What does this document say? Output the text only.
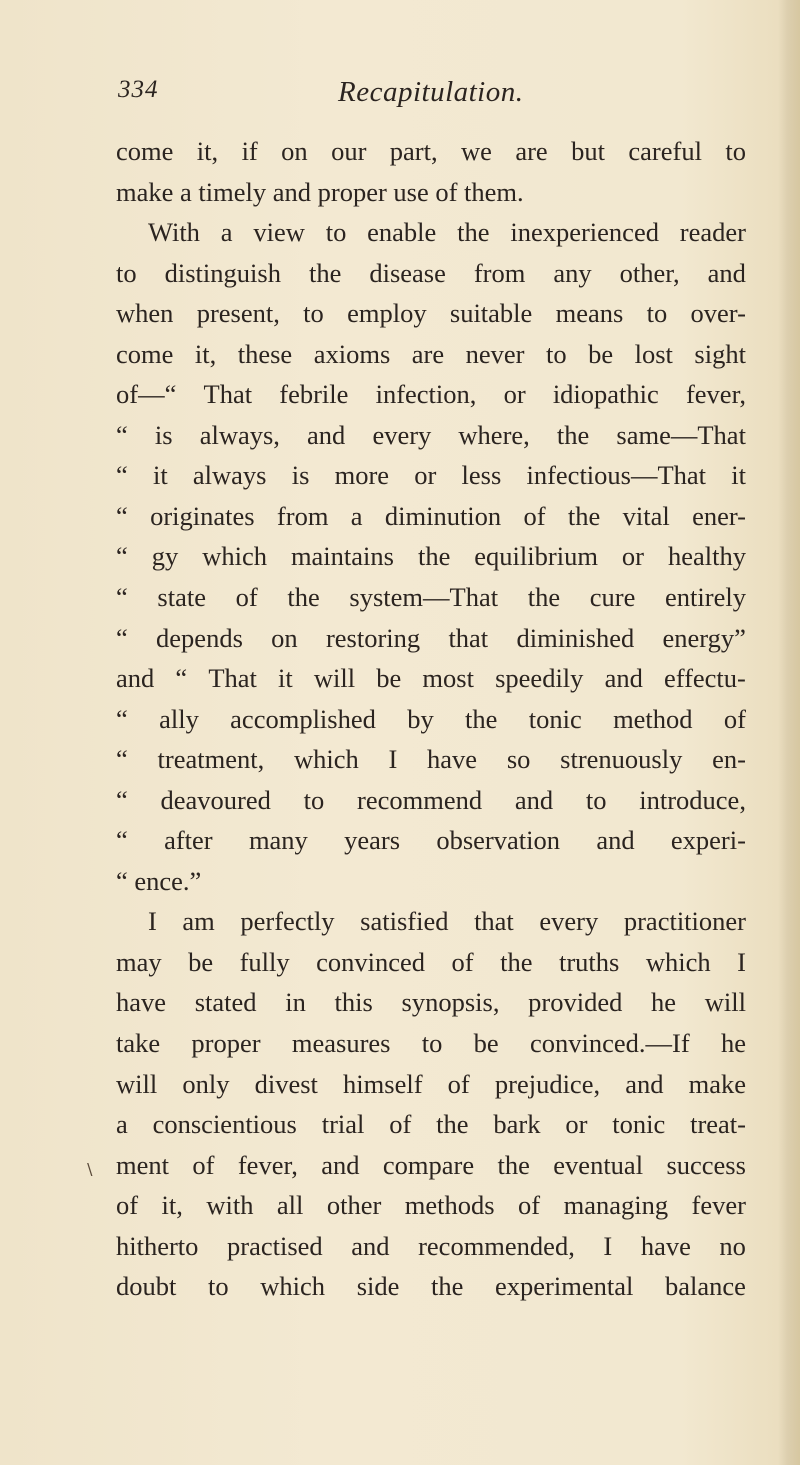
334	Recapitulation.
∖
come it, if on our part, we are but careful to
make a timely and proper use of them.
With a view to enable the inexperienced reader
to distinguish the disease from any other, and
when present, to employ suitable means to over-
come it, these axioms are never to be lost sight
of—“ That febrile infection, or idiopathic fever,
“ is always, and every where, the same—That
“ it always is more or less infectious—That it
“ originates from a diminution of the vital ener-
“ gy which maintains the equilibrium or healthy
“ state of the system—That the cure entirely
“ depends on restoring that diminished energy”
and “ That it will be most speedily and effectu-
“ ally accomplished by the tonic method of
“ treatment, which I have so strenuously en-
“ deavoured to recommend and to introduce,
“ after many years observation and experi-
“ ence.”
I am perfectly satisfied that every practitioner
may be fully convinced of the truths which I
have stated in this synopsis, provided he will
take proper measures to be convinced.—If he
will only divest himself of prejudice, and make
a conscientious trial of the bark or tonic treat-
ment of fever, and compare the eventual success
of it, with all other methods of managing fever
hitherto practised and recommended, I have no
doubt to which side the experimental balance
